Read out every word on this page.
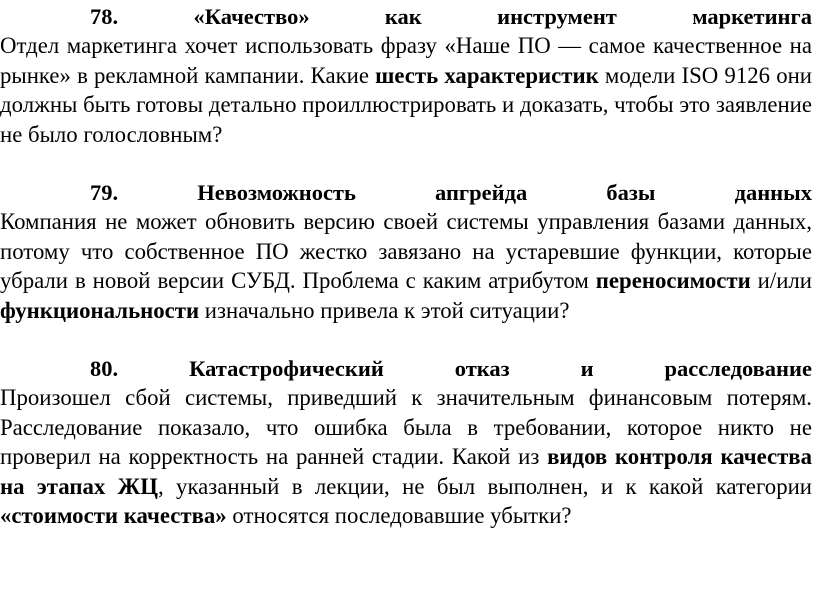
78.	«Качество»	как	инструмент	маркетинга

Отдел маркетинга хочет использовать фразу «Наше ПО — самое качественное на рынке» в рекламной кампании. Какие шесть характеристик модели ISO 9126 они должны быть готовы детально проиллюстрировать и доказать, чтобы это заявление не было голословным?

79.	Невозможность	апгрейда	базы	данных

Компания не может обновить версию своей системы управления базами данных, потому что собственное ПО жестко завязано на устаревшие функции, которые убрали в новой версии СУБД. Проблема с каким атрибутом переносимости и/или функциональности изначально привела к этой ситуации?

80.	Катастрофический	отказ	и	расследование

Произошел сбой системы, приведший к значительным финансовым потерям. Расследование показало, что ошибка была в требовании, которое никто не проверил на корректность на ранней стадии. Какой из видов контроля качества на этапах ЖЦ, указанный в лекции, не был выполнен, и к какой категории «стоимости качества» относятся последовавшие убытки?
